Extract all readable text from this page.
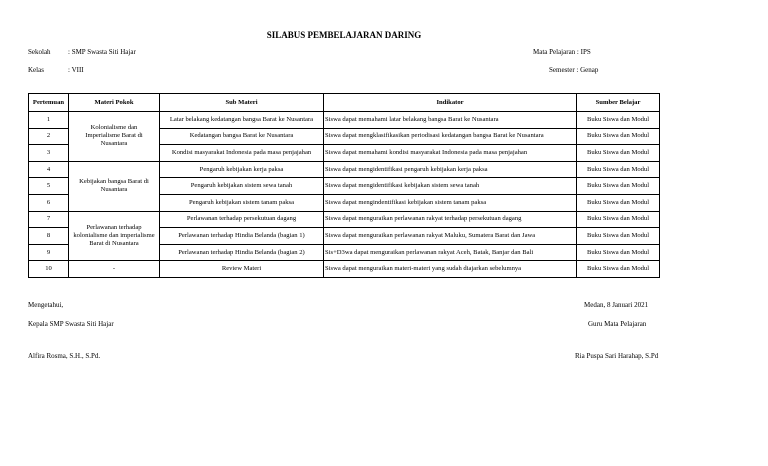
SILABUS PEMBELAJARAN DARING
Sekolah : SMP Swasta Siti Hajar
Kelas	: VIII
Mata Pelajaran : IPS
Semester : Genap
Pertemuan	Materi Pokok	Sub Materi	Indikator	Sumber Belajar
1	Kolonialisme dan Imperialisme Barat di Nusantara	Latar belakang kedatangan bangsa Barat ke Nusantara	Siswa dapat memahami latar belakang bangsa Barat ke Nusantara	Buku Siswa dan Modul
2		Kedatangan bangsa Barat ke Nusantara	Siswa dapat mengklasifikasikan periodisasi kedatangan bangsa Barat ke Nusantara	Buku Siswa dan Modul
3		Kondisi masyarakat Indonesia pada masa penjajahan	Siswa dapat memahami kondisi masyarakat Indonesia pada masa penjajahan	Buku Siswa dan Modul
4	Kebijakan bangsa Barat di Nusantara	Pengaruh kebijakan kerja paksa	Siswa dapat mengidentifikasi pengaruh kebijakan kerja paksa	Buku Siswa dan Modul
5		Pengaruh kebijakan sistem sewa tanah	Siswa dapat mengidentifikasi kebijakan sistem sewa tanah	Buku Siswa dan Modul
6		Pengaruh kebijakan sistem tanam paksa	Siswa dapat mengindentifikasi kebijakan sistem tanam paksa	Buku Siswa dan Modul
7	Perlawanan terhadap kolonialisme dan imperialisme Barat di Nusantara	Perlawanan terhadap persekutuan dagang	Siswa dapat menguraikan perlawanan rakyat terhadap persekutuan dagang	Buku Siswa dan Modul
8		Perlawanan terhadap Hindia Belanda (bagian 1)	Siswa dapat menguraikan perlawanan rakyat Maluku, Sumatera Barat dan Jawa	Buku Siswa dan Modul
9		Perlawanan terhadap Hindia Belanda (bagian 2)	Sis+D3wa dapat menguraikan perlawanan rakyat Aceh, Batak, Banjar dan Bali	Buku Siswa dan Modul
10	-	Review Materi	Siswa dapat menguraikan materi-materi yang sudah diajarkan sebelumnya	Buku Siswa dan Modul
Mengetahui,
Kepala SMP Swasta Siti Hajar
Alfira Rosma, S.H., S.Pd.
Medan, 8 Januari 2021
Guru Mata Pelajaran
Ria Puspa Sari Harahap, S.Pd
